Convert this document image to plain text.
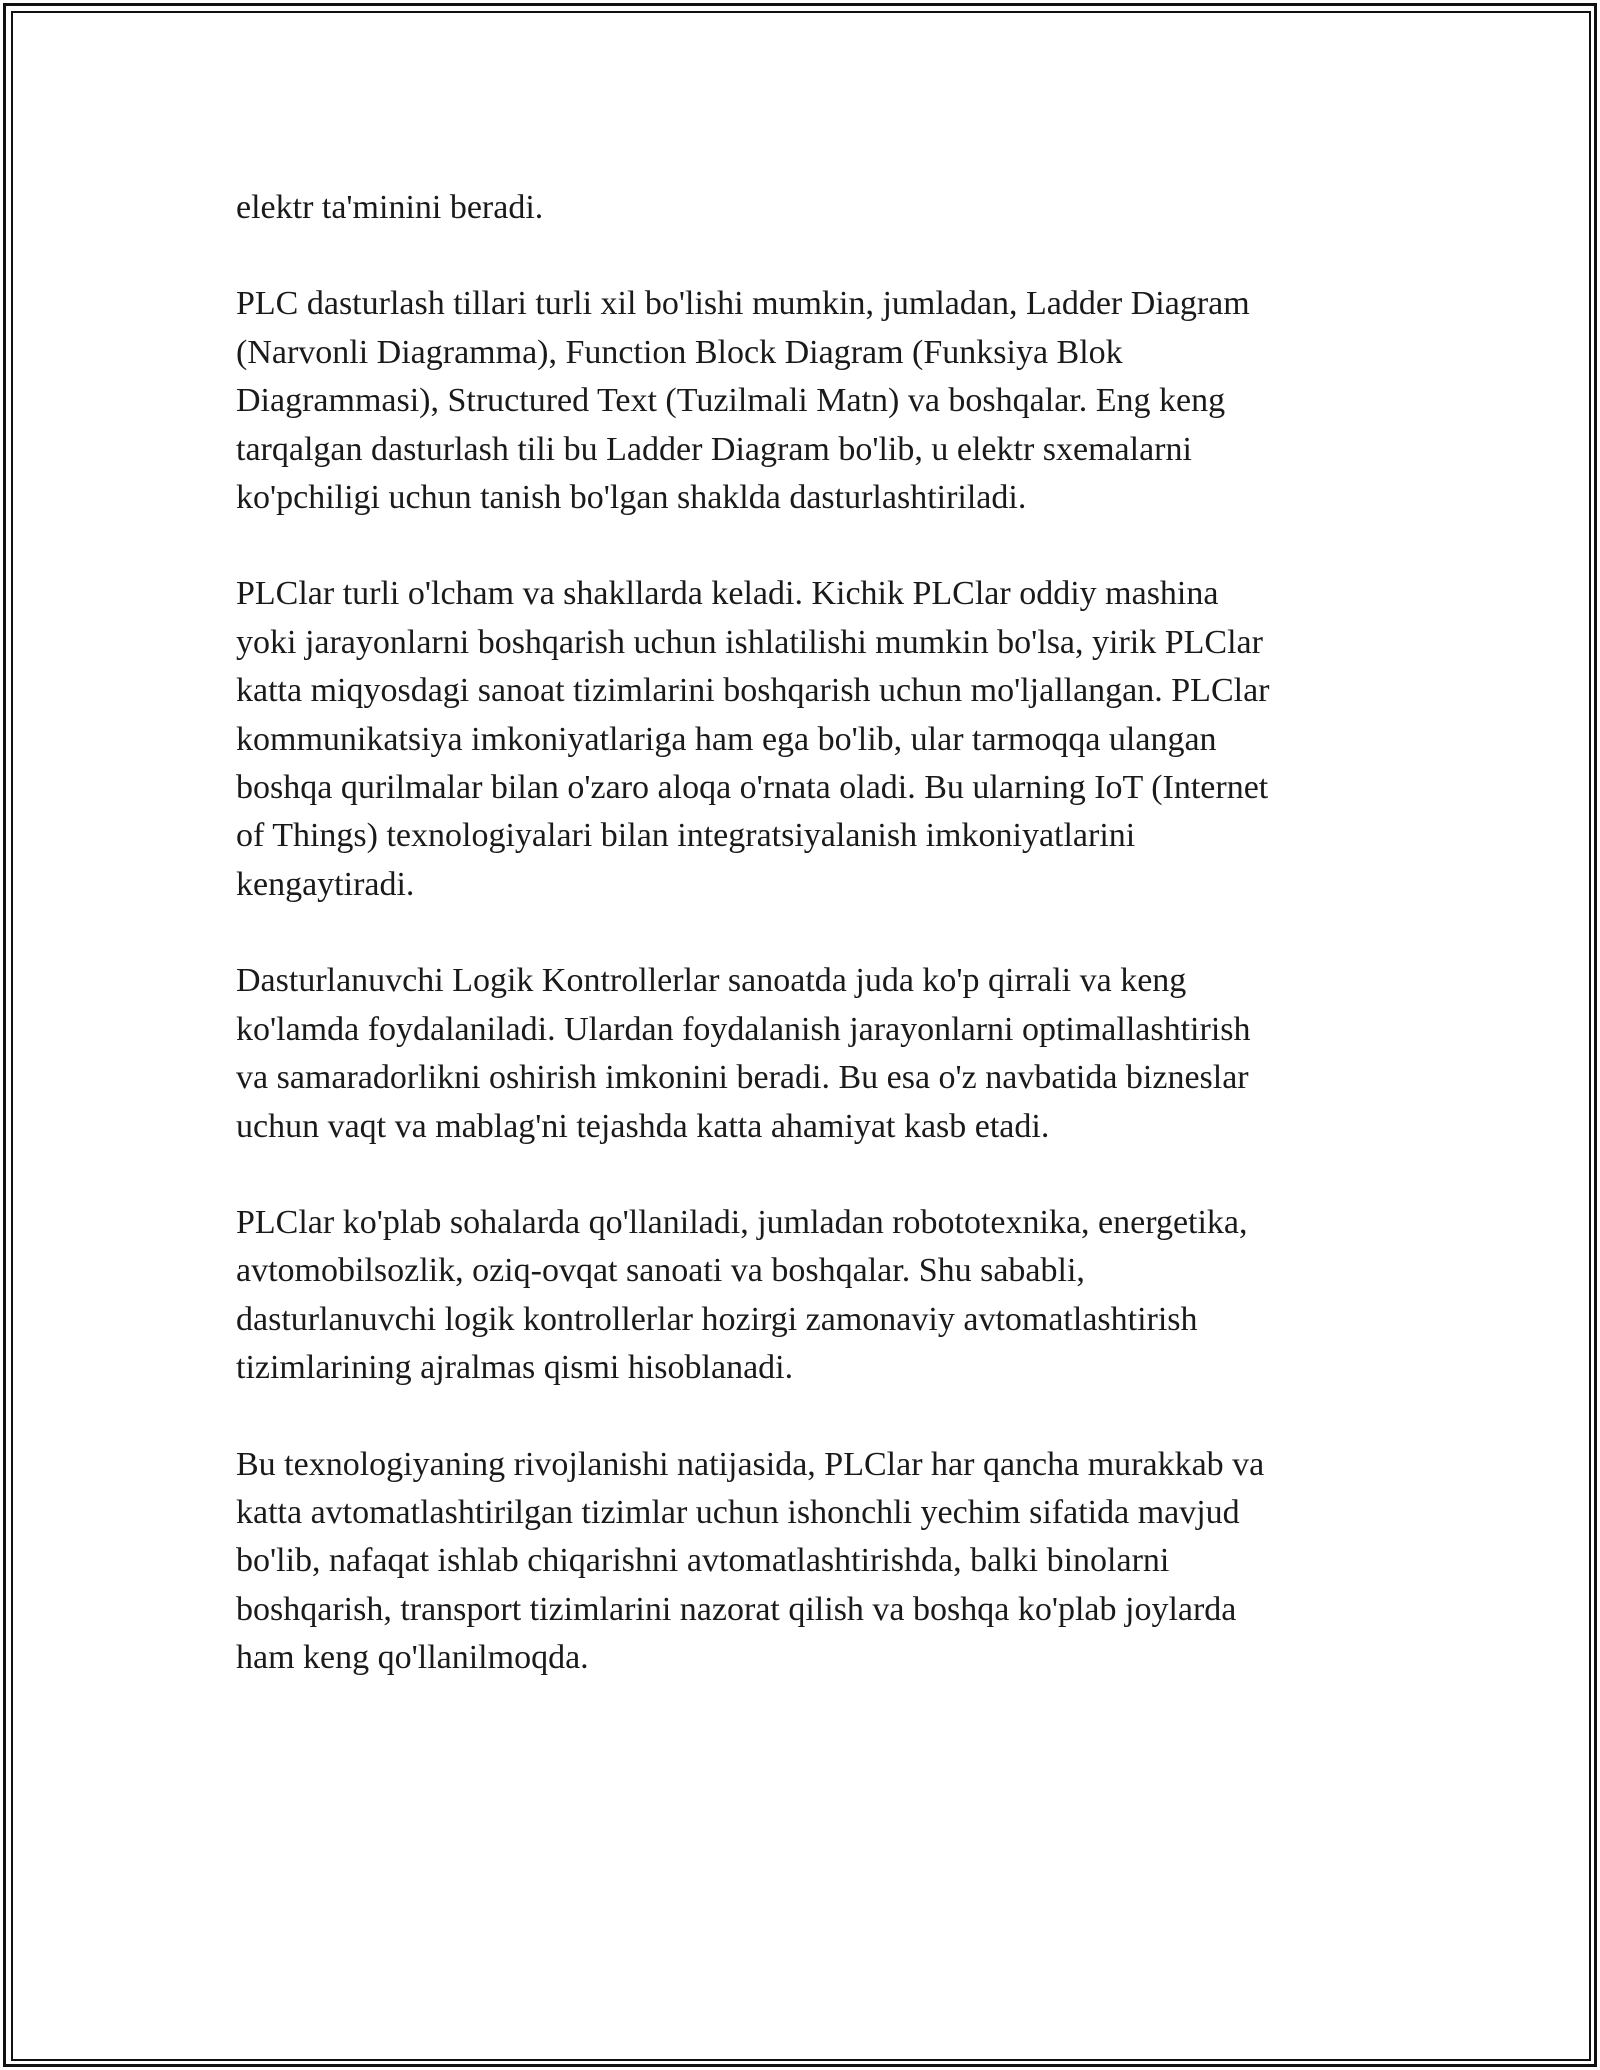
elektr ta'minini beradi.

PLC dasturlash tillari turli xil bo'lishi mumkin, jumladan, Ladder Diagram
(Narvonli Diagramma), Function Block Diagram (Funksiya Blok
Diagrammasi), Structured Text (Tuzilmali Matn) va boshqalar. Eng keng
tarqalgan dasturlash tili bu Ladder Diagram bo'lib, u elektr sxemalarni
ko'pchiligi uchun tanish bo'lgan shaklda dasturlashtiriladi.

PLClar turli o'lcham va shakllarda keladi. Kichik PLClar oddiy mashina
yoki jarayonlarni boshqarish uchun ishlatilishi mumkin bo'lsa, yirik PLClar
katta miqyosdagi sanoat tizimlarini boshqarish uchun mo'ljallangan. PLClar
kommunikatsiya imkoniyatlariga ham ega bo'lib, ular tarmoqqa ulangan
boshqa qurilmalar bilan o'zaro aloqa o'rnata oladi. Bu ularning IoT (Internet
of Things) texnologiyalari bilan integratsiyalanish imkoniyatlarini
kengaytiradi.

Dasturlanuvchi Logik Kontrollerlar sanoatda juda ko'p qirrali va keng
ko'lamda foydalaniladi. Ulardan foydalanish jarayonlarni optimallashtirish
va samaradorlikni oshirish imkonini beradi. Bu esa o'z navbatida bizneslar
uchun vaqt va mablag'ni tejashda katta ahamiyat kasb etadi.

PLClar ko'plab sohalarda qo'llaniladi, jumladan robototexnika, energetika,
avtomobilsozlik, oziq-ovqat sanoati va boshqalar. Shu sababli,
dasturlanuvchi logik kontrollerlar hozirgi zamonaviy avtomatlashtirish
tizimlarining ajralmas qismi hisoblanadi.

Bu texnologiyaning rivojlanishi natijasida, PLClar har qancha murakkab va
katta avtomatlashtirilgan tizimlar uchun ishonchli yechim sifatida mavjud
bo'lib, nafaqat ishlab chiqarishni avtomatlashtirishda, balki binolarni
boshqarish, transport tizimlarini nazorat qilish va boshqa ko'plab joylarda
ham keng qo'llanilmoqda.
